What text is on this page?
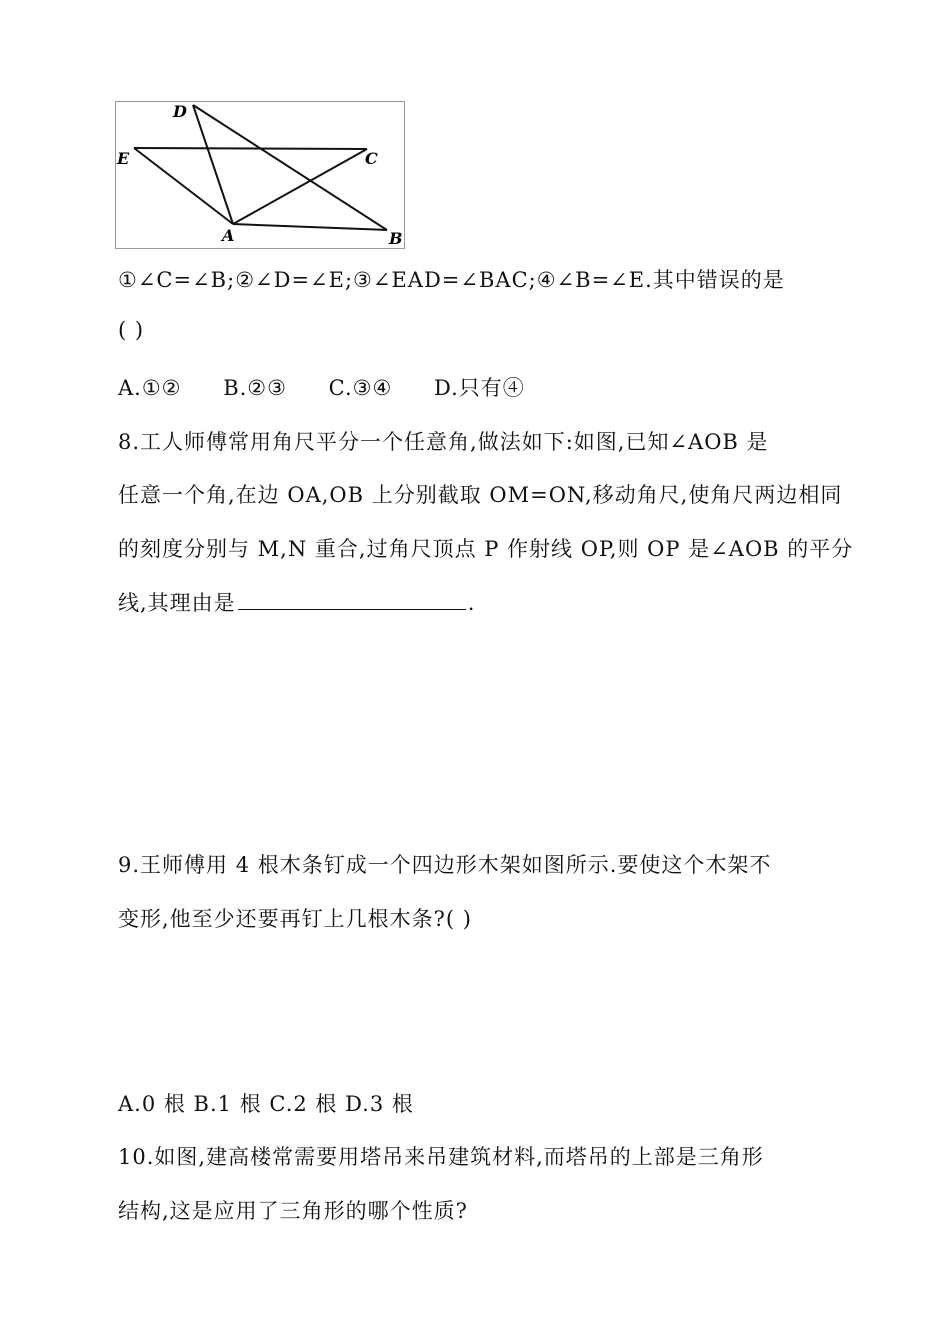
D
E	C
A	B
①∠C=∠B;②∠D=∠E;③∠EAD=∠BAC;④∠B=∠E.其中错误的是
( )
A.①② B.②③ C.③④ D.只有④
8.工人师傅常用角尺平分一个任意角,做法如下:如图,已知∠AOB 是
任意一个角,在边 OA,OB 上分别截取 OM=ON,移动角尺,使角尺两边相同
的刻度分别与 M,N 重合,过角尺顶点 P 作射线 OP,则 OP 是∠AOB 的平分
线,其理由是	.
9.王师傅用 4 根木条钉成一个四边形木架如图所示.要使这个木架不
变形,他至少还要再钉上几根木条?( )
A.0 根 B.1 根 C.2 根 D.3 根
10.如图,建高楼常需要用塔吊来吊建筑材料,而塔吊的上部是三角形
结构,这是应用了三角形的哪个性质?
